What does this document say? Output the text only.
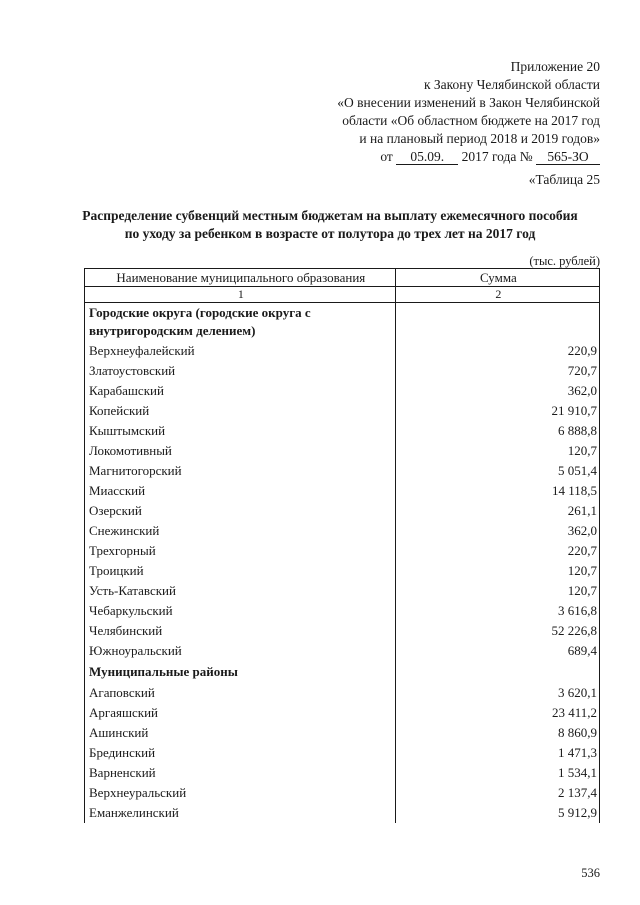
Приложение 20
к Закону Челябинской области
«О внесении изменений в Закон Челябинской
области «Об областном бюджете на 2017 год
и на плановый период 2018 и 2019 годов»
от 05.09. 2017 года № 565-ЗО
«Таблица 25
Распределение субвенций местным бюджетам на выплату ежемесячного пособия
по уходу за ребенком в возрасте от полутора до трех лет на 2017 год
(тыс. рублей)
Наименование муниципального образования	Сумма
1	2
Городские округа (городские округа с внутригородским делением)	
Верхнеуфалейский	220,9
Златоустовский	720,7
Карабашский	362,0
Копейский	21 910,7
Кыштымский	6 888,8
Локомотивный	120,7
Магнитогорский	5 051,4
Миасский	14 118,5
Озерский	261,1
Снежинский	362,0
Трехгорный	220,7
Троицкий	120,7
Усть-Катавский	120,7
Чебаркульский	3 616,8
Челябинский	52 226,8
Южноуральский	689,4
Муниципальные районы	
Агаповский	3 620,1
Аргаяшский	23 411,2
Ашинский	8 860,9
Брединский	1 471,3
Варненский	1 534,1
Верхнеуральский	2 137,4
Еманжелинский	5 912,9
536
